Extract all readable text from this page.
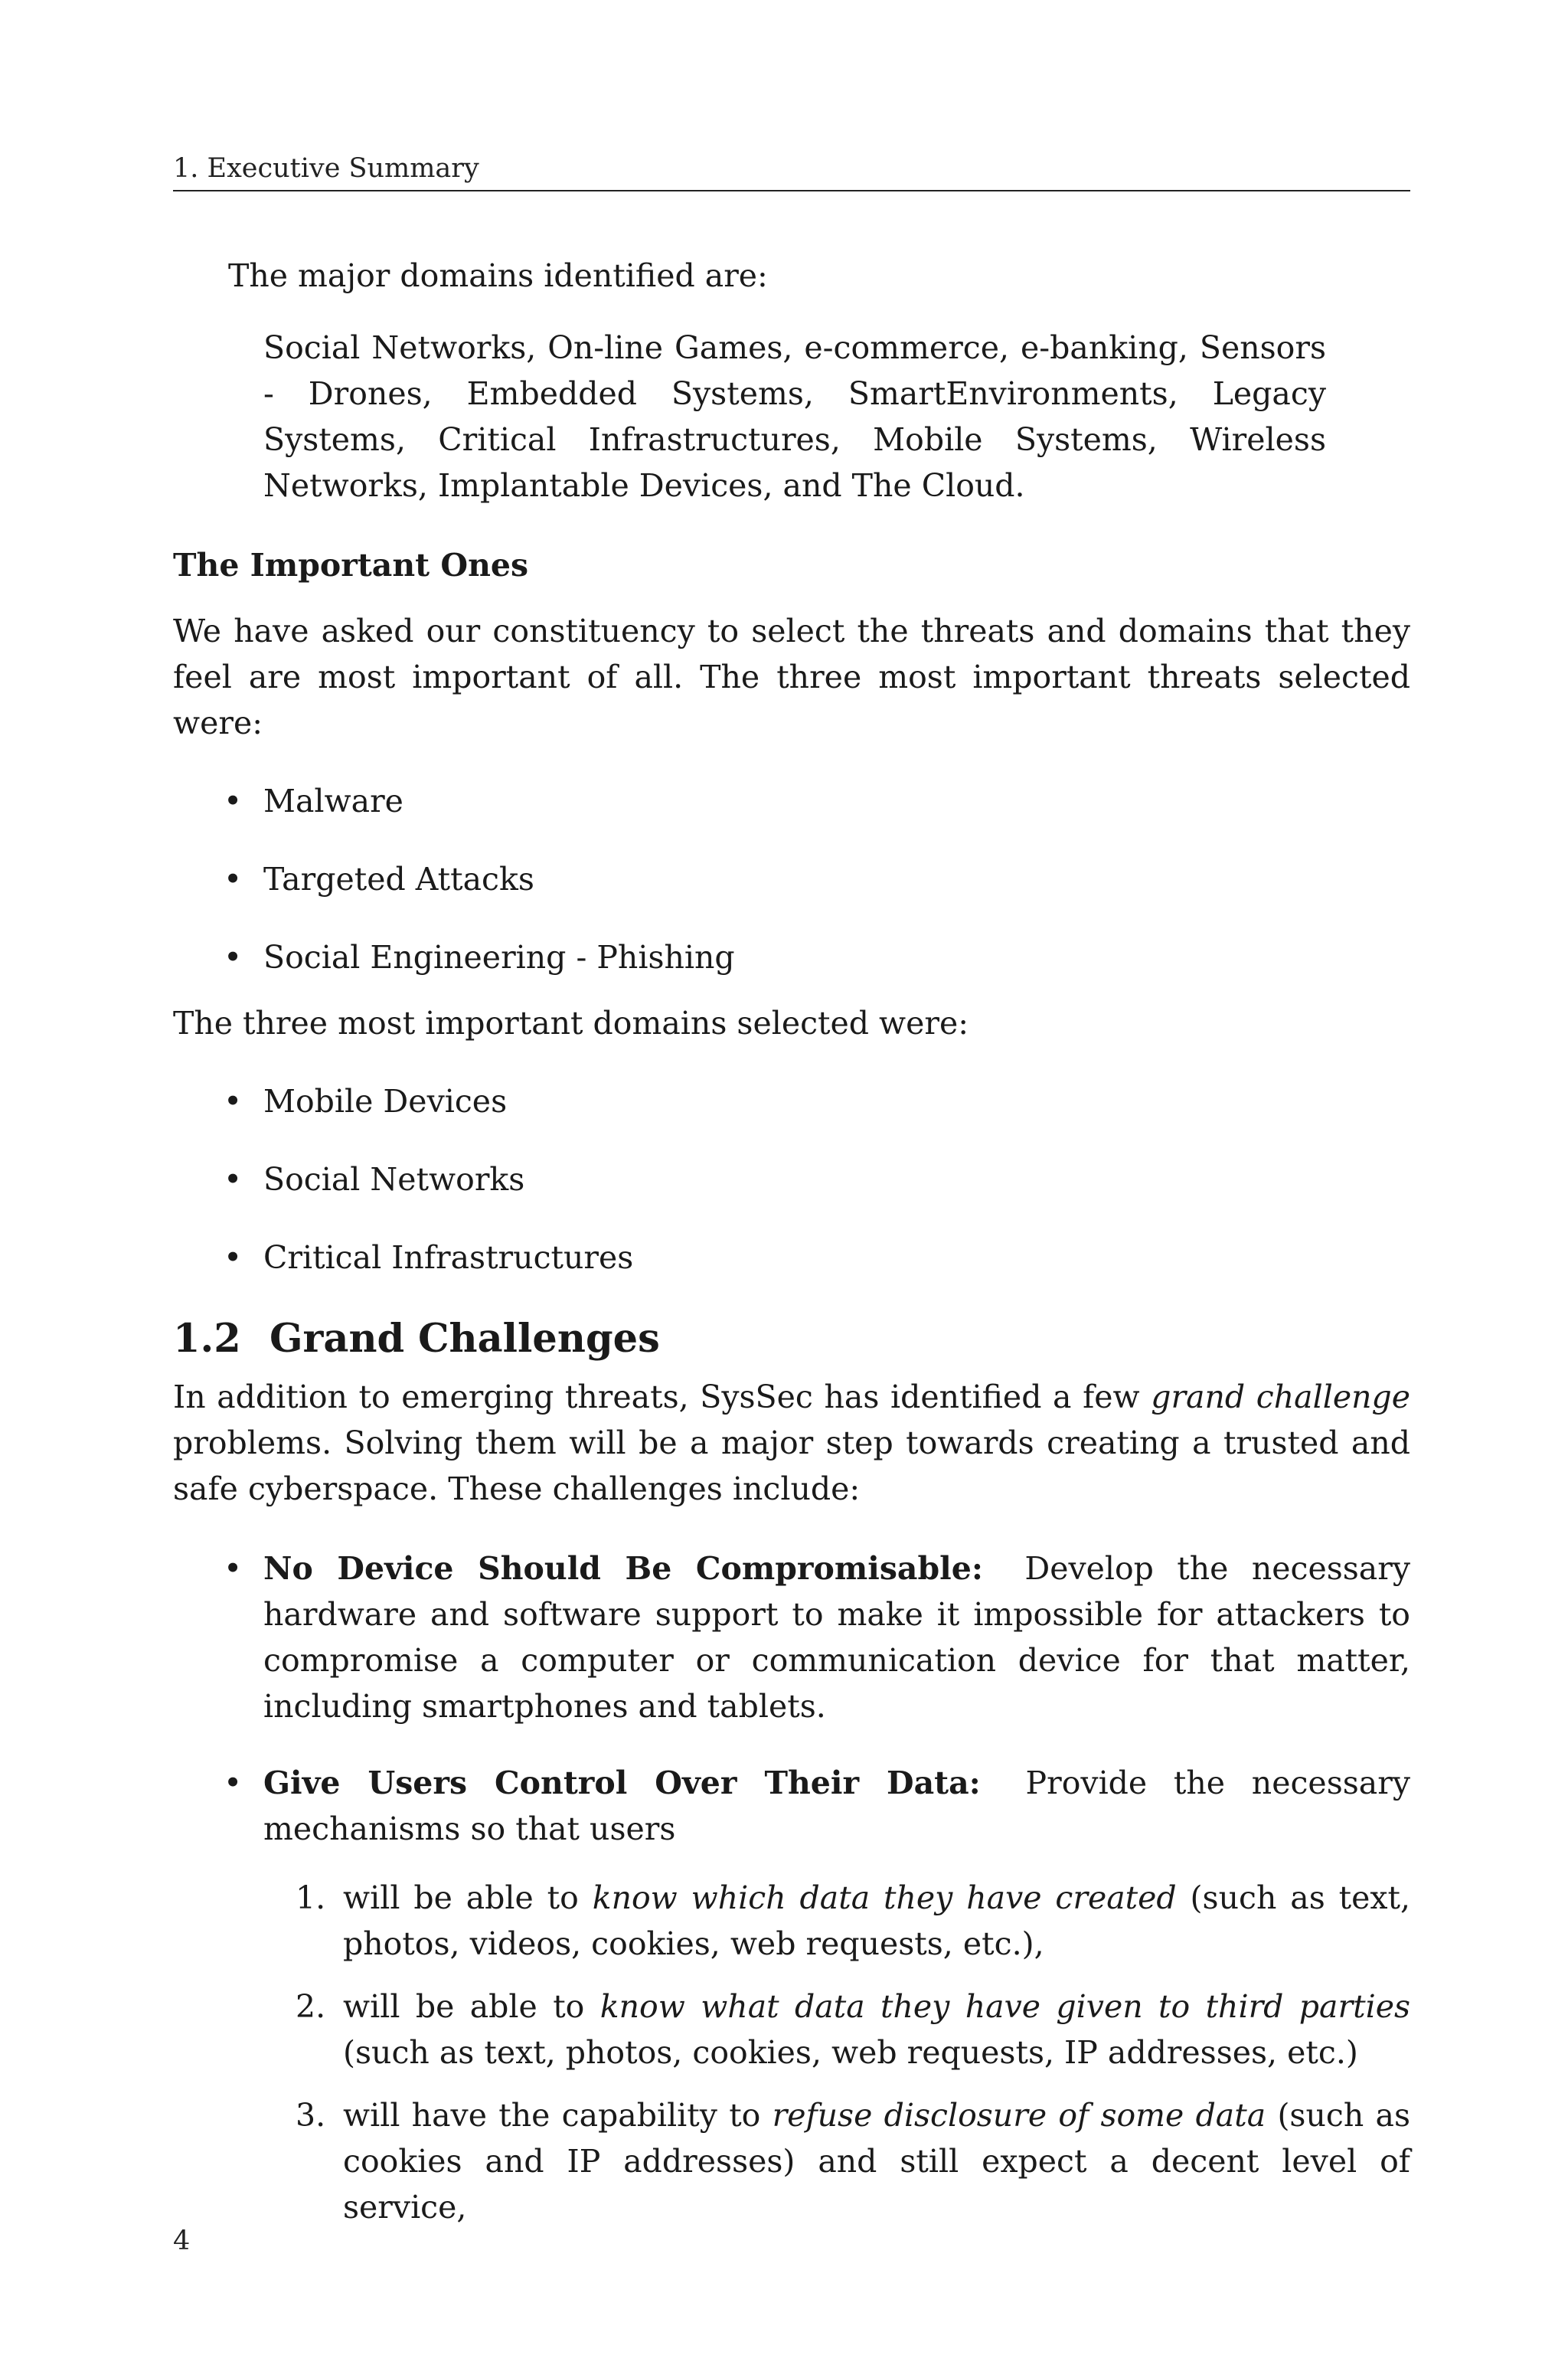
1. Executive Summary

The major domains identified are:

Social Networks, On-line Games, e-commerce, e-banking, Sensors - Drones, Embedded Systems, SmartEnvironments, Legacy Systems, Critical Infrastructures, Mobile Systems, Wireless Networks, Implantable Devices, and The Cloud.

The Important Ones

We have asked our constituency to select the threats and domains that they feel are most important of all. The three most important threats selected were:

• Malware
• Targeted Attacks
• Social Engineering - Phishing

The three most important domains selected were:

• Mobile Devices
• Social Networks
• Critical Infrastructures
1.2 Grand Challenges

In addition to emerging threats, SysSec has identified a few grand challenge problems. Solving them will be a major step towards creating a trusted and safe cyberspace. These challenges include:

• No Device Should Be Compromisable: Develop the necessary hardware and software support to make it impossible for attackers to compromise a computer or communication device for that matter, including smartphones and tablets.
• Give Users Control Over Their Data: Provide the necessary mechanisms so that users
1. will be able to know which data they have created (such as text, photos, videos, cookies, web requests, etc.),
2. will be able to know what data they have given to third parties (such as text, photos, cookies, web requests, IP addresses, etc.)
3. will have the capability to refuse disclosure of some data (such as cookies and IP addresses) and still expect a decent level of service,
4
